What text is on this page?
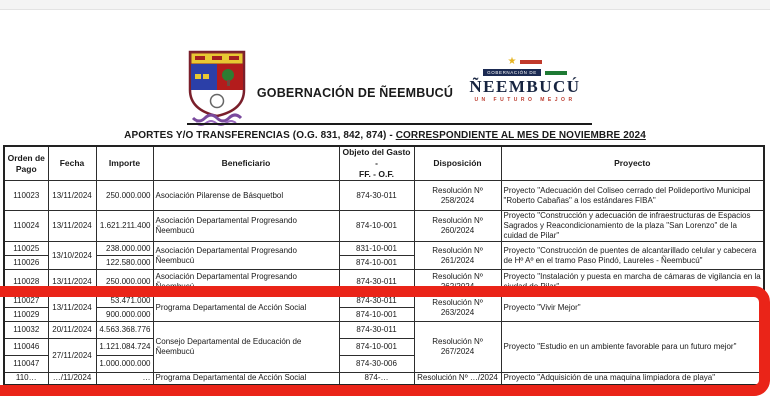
GOBERNACIÓN DE ÑEEMBUCÚ
★
GOBERNACIÓN DE
ÑEEMBUCÚ
UN FUTURO MEJOR
APORTES Y/O TRANSFERENCIAS (O.G. 831, 842, 874) - CORRESPONDIENTE AL MES DE NOVIEMBRE 2024
Orden de Pago	Fecha	Importe	Beneficiario	Objeto del Gasto -
FF. - O.F.	Disposición	Proyecto
110023	13/11/2024	250.000.000	Asociación Pilarense de Básquetbol	874-30-011	Resolución Nº 258/2024	Proyecto "Adecuación del Coliseo cerrado del Polideportivo Municipal "Roberto Cabañas" a los estándares FIBA"
110024	13/11/2024	1.621.211.400	Asociación Departamental Progresando Ñeembucú	874-10-001	Resolución Nº 260/2024	Proyecto "Construcción y adecuación de infraestructuras de Espacios Sagrados y Reacondicionamiento de la plaza "San Lorenzo" de la cuidad de Pilar"
110025	13/10/2024	238.000.000	Asociación Departamental Progresando Ñeembucú	831-10-001	Resolución Nº 261/2024	Proyecto "Construcción de puentes de alcantarillado celular y cabecera de Hº Aº en el tramo Paso Pindó, Laureles - Ñeembucú"
110026		122.580.000		874-10-001		
110028	13/11/2024	250.000.000	Asociación Departamental Progresando Ñeembucú	874-30-011	Resolución Nº 262/2024	Proyecto "Instalación y puesta en marcha de cámaras de vigilancia en la ciudad de Pilar"
110027	13/11/2024	53.471.000	Programa Departamental de Acción Social	874-30-011	Resolución Nº 263/2024	Proyecto "Vivir Mejor"
110029		900.000.000		874-10-001		
110032	20/11/2024	4.563.368.776	Consejo Departamental de Educación de Ñeembucú	874-30-011	Resolución Nº 267/2024	Proyecto "Estudio en un ambiente favorable para un futuro mejor"
110046	27/11/2024	1.121.084.724		874-10-001		
110047		1.000.000.000		874-30-006		
110…	…/11/2024	…	Programa Departamental de Acción Social	874-…	Resolución Nº …/2024	Proyecto "Adquisición de una maquina limpiadora de playa"
